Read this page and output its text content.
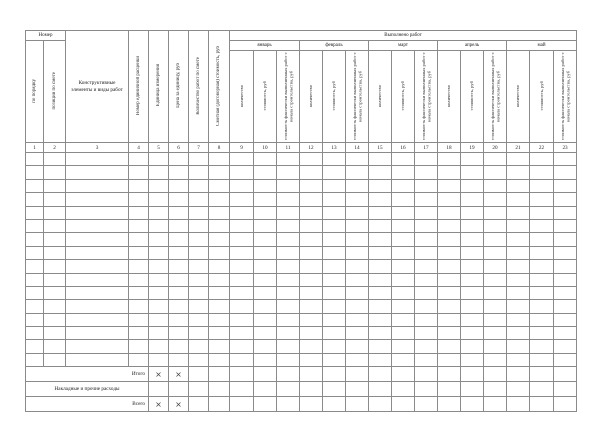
Номер		Конструктивные элементы и виды работ	Номер единичной расценки	Единица измерения	Цена за единицу, руб	Количество работ по смете	Сметная (договорная) стоимость, руб	Выполнено работ														
по порядку	позиции по смете							январь			февраль			март			апрель			май		
								количество	стоимость, руб	стоимость фактически выполненных работ с начала строительства, руб	количество	стоимость, руб	стоимость фактически выполненных работ с начала строительства, руб	количество	стоимость, руб	стоимость фактически выполненных работ с начала строительства, руб	количество	стоимость, руб	стоимость фактически выполненных работ с начала строительства, руб	количество	стоимость, руб	стоимость фактически выполненных работ с начала строительства, руб
1	2	3	4	5	6	7	8	9	10	11	12	13	14	15	16	17	18	19	20	21	22	23

Итого				×	×																	
Накладные и прочие расходы																						
Всего				×	×																	
